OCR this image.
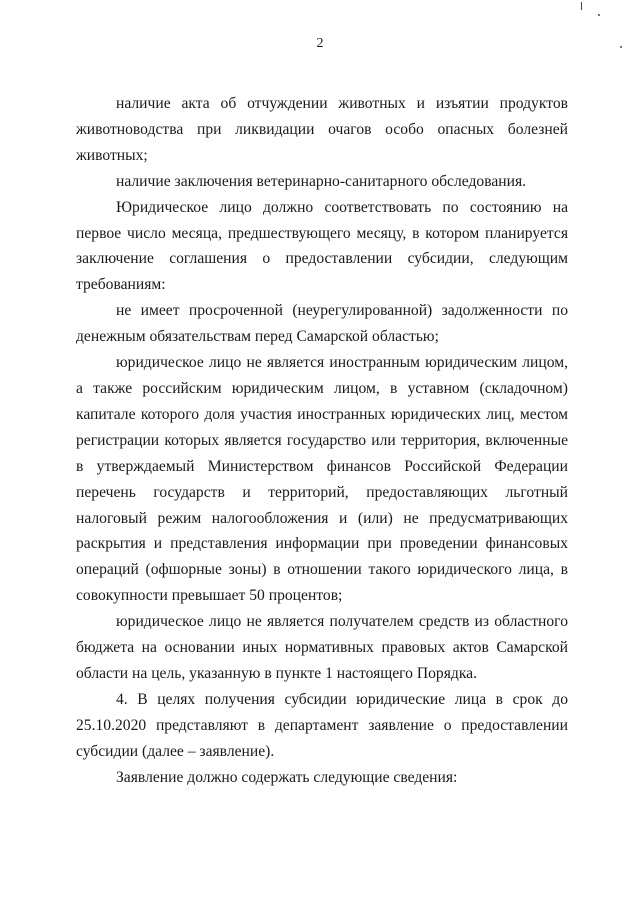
2

наличие акта об отчуждении животных и изъятии продуктов животноводства при ликвидации очагов особо опасных болезней животных;

наличие заключения ветеринарно-санитарного обследования.

Юридическое лицо должно соответствовать по состоянию на первое число месяца, предшествующего месяцу, в котором планируется заключение соглашения о предоставлении субсидии, следующим требованиям:

не имеет просроченной (неурегулированной) задолженности по денежным обязательствам перед Самарской областью;

юридическое лицо не является иностранным юридическим лицом, а также российским юридическим лицом, в уставном (складочном) капитале которого доля участия иностранных юридических лиц, местом регистрации которых является государство или территория, включенные в утверждаемый Министерством финансов Российской Федерации перечень государств и территорий, предоставляющих льготный налоговый режим налогообложения и (или) не предусматривающих раскрытия и представления информации при проведении финансовых операций (офшорные зоны) в отношении такого юридического лица, в совокупности превышает 50 процентов;

юридическое лицо не является получателем средств из областного бюджета на основании иных нормативных правовых актов Самарской области на цель, указанную в пункте 1 настоящего Порядка.

4. В целях получения субсидии юридические лица в срок до 25.10.2020 представляют в департамент заявление о предоставлении субсидии (далее – заявление).

Заявление должно содержать следующие сведения:
